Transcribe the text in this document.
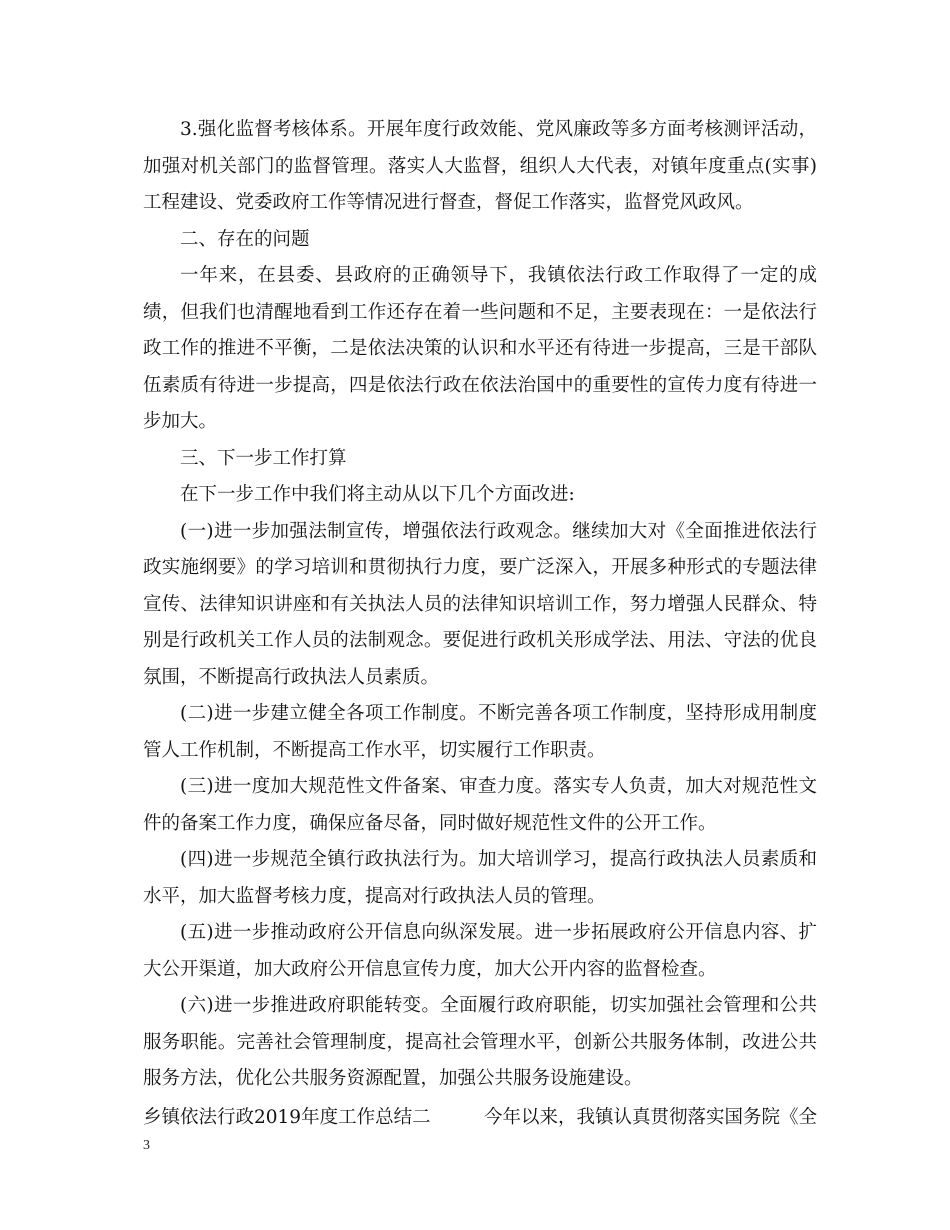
3.强化监督考核体系。开展年度行政效能、党风廉政等多方面考核测评活动，加强对机关部门的监督管理。落实人大监督，组织人大代表，对镇年度重点(实事)工程建设、党委政府工作等情况进行督查，督促工作落实，监督党风政风。

二、存在的问题

一年来，在县委、县政府的正确领导下，我镇依法行政工作取得了一定的成绩，但我们也清醒地看到工作还存在着一些问题和不足，主要表现在：一是依法行政工作的推进不平衡，二是依法决策的认识和水平还有待进一步提高，三是干部队伍素质有待进一步提高，四是依法行政在依法治国中的重要性的宣传力度有待进一步加大。

三、下一步工作打算

在下一步工作中我们将主动从以下几个方面改进:

(一)进一步加强法制宣传，增强依法行政观念。继续加大对《全面推进依法行政实施纲要》的学习培训和贯彻执行力度，要广泛深入，开展多种形式的专题法律宣传、法律知识讲座和有关执法人员的法律知识培训工作，努力增强人民群众、特别是行政机关工作人员的法制观念。要促进行政机关形成学法、用法、守法的优良氛围，不断提高行政执法人员素质。

(二)进一步建立健全各项工作制度。不断完善各项工作制度，坚持形成用制度管人工作机制，不断提高工作水平，切实履行工作职责。

(三)进一度加大规范性文件备案、审查力度。落实专人负责，加大对规范性文件的备案工作力度，确保应备尽备，同时做好规范性文件的公开工作。

(四)进一步规范全镇行政执法行为。加大培训学习，提高行政执法人员素质和水平，加大监督考核力度，提高对行政执法人员的管理。

(五)进一步推动政府公开信息向纵深发展。进一步拓展政府公开信息内容、扩大公开渠道，加大政府公开信息宣传力度，加大公开内容的监督检查。

(六)进一步推进政府职能转变。全面履行政府职能，切实加强社会管理和公共服务职能。完善社会管理制度，提高社会管理水平，创新公共服务体制，改进公共服务方法，优化公共服务资源配置，加强公共服务设施建设。

乡镇依法行政2019年度工作总结二	今年以来，我镇认真贯彻落实国务院《全
3
